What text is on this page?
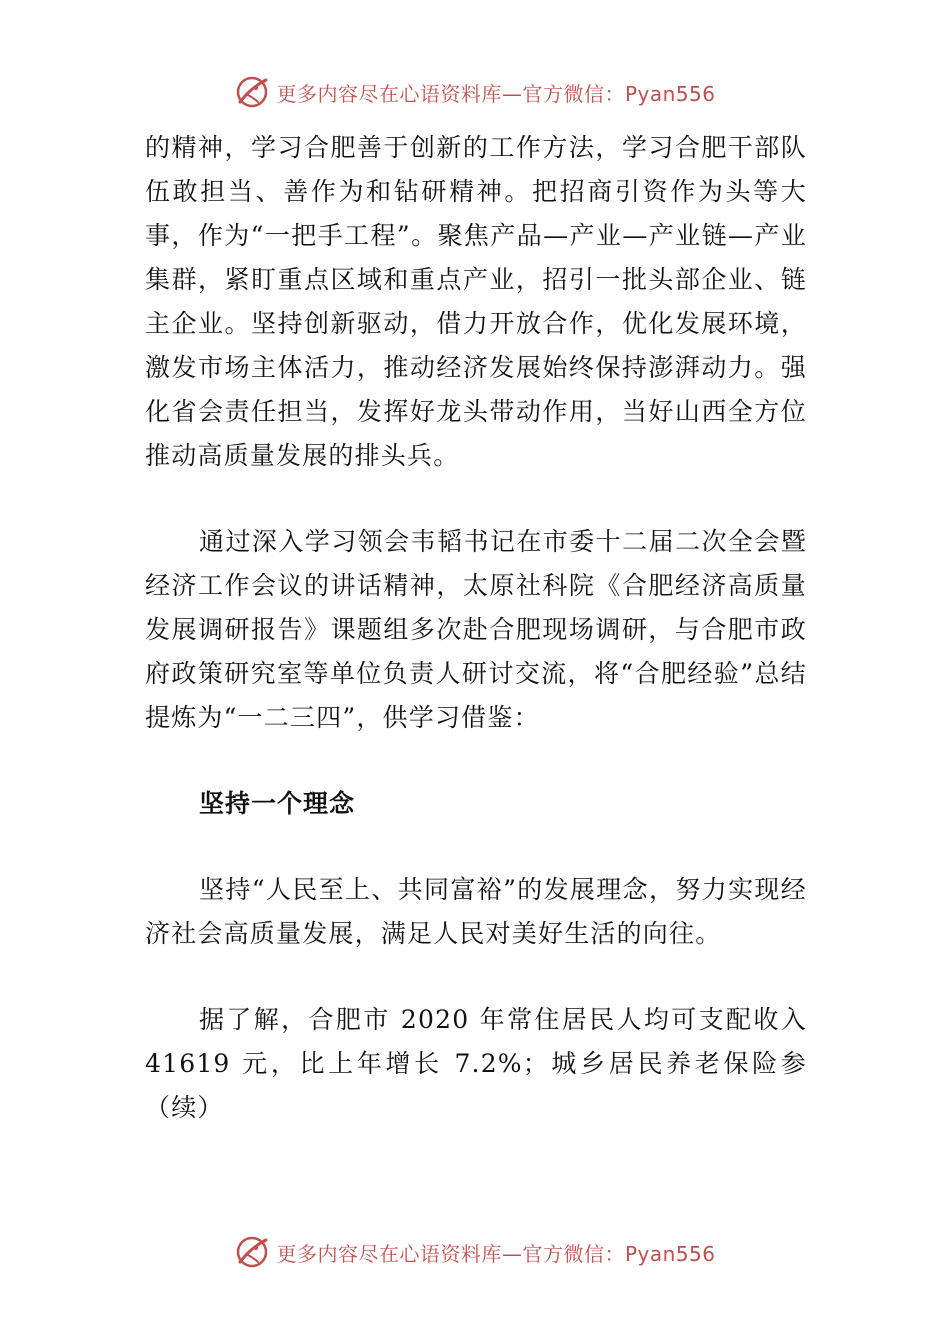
更多内容尽在心语资料库—官方微信：Pyan556

的精神，学习合肥善于创新的工作方法，学习合肥干部队伍敢担当、善作为和钻研精神。把招商引资作为头等大事，作为“一把手工程”。聚焦产品—产业—产业链—产业集群，紧盯重点区域和重点产业，招引一批头部企业、链主企业。坚持创新驱动，借力开放合作，优化发展环境，激发市场主体活力，推动经济发展始终保持澎湃动力。强化省会责任担当，发挥好龙头带动作用，当好山西全方位推动高质量发展的排头兵。

通过深入学习领会韦韬书记在市委十二届二次全会暨经济工作会议的讲话精神，太原社科院《合肥经济高质量发展调研报告》课题组多次赴合肥现场调研，与合肥市政府政策研究室等单位负责人研讨交流，将“合肥经验”总结提炼为“一二三四”，供学习借鉴：

坚持一个理念

坚持“人民至上、共同富裕”的发展理念，努力实现经济社会高质量发展，满足人民对美好生活的向往。

据了解，合肥市 2020 年常住居民人均可支配收入 41619 元，比上年增长 7.2%；城乡居民养老保险参（续）

更多内容尽在心语资料库—官方微信：Pyan556
